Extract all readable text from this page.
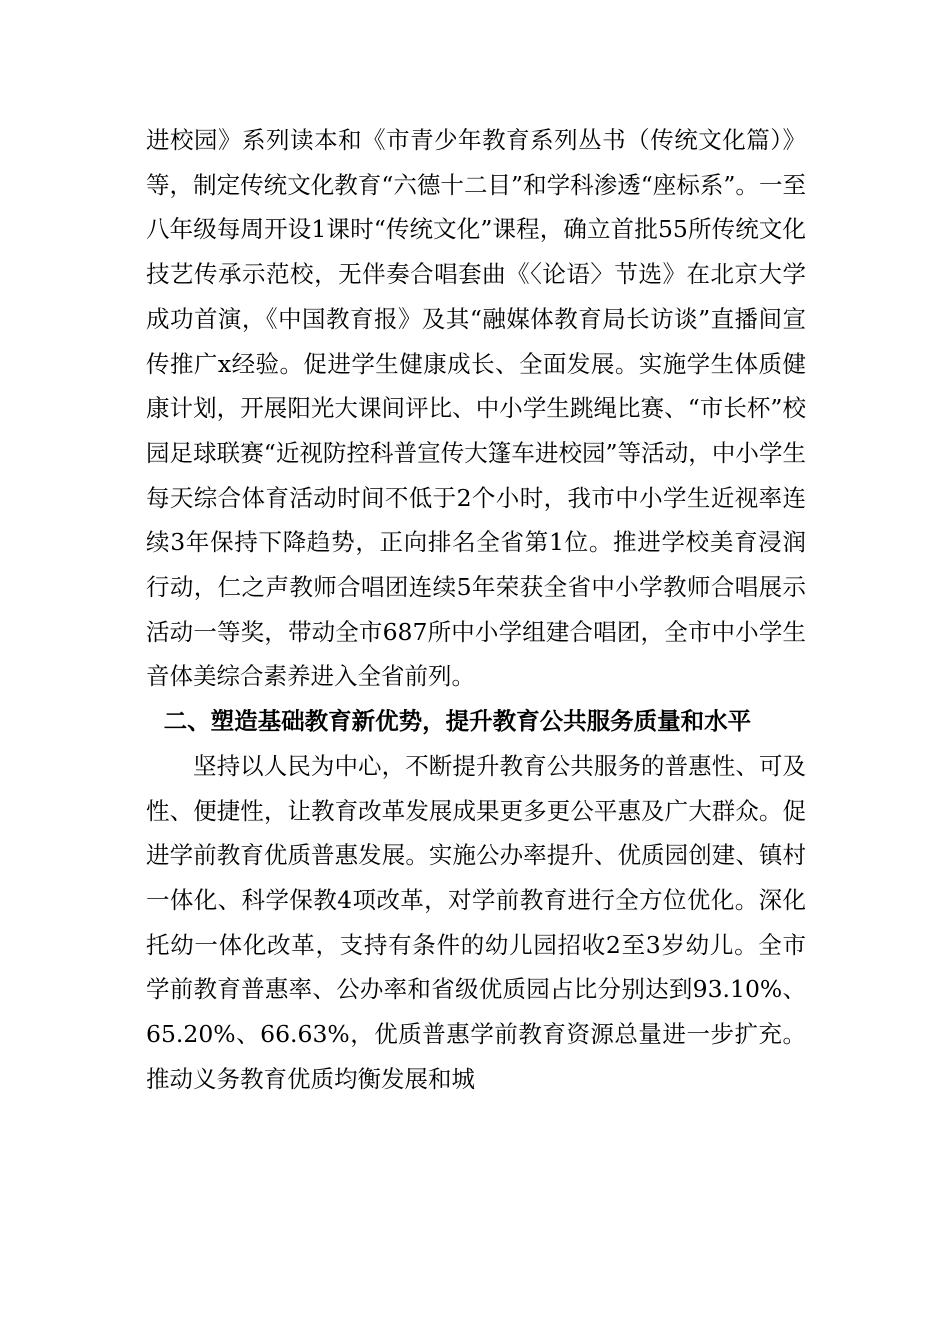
进校园》系列读本和《市青少年教育系列丛书（传统文化篇）》等，制定传统文化教育“六德十二目”和学科渗透“座标系”。一至八年级每周开设1课时“传统文化”课程，确立首批55所传统文化技艺传承示范校，无伴奏合唱套曲《〈论语〉节选》在北京大学成功首演，《中国教育报》及其“融媒体教育局长访谈”直播间宣传推广x经验。促进学生健康成长、全面发展。实施学生体质健康计划，开展阳光大课间评比、中小学生跳绳比赛、“市长杯”校园足球联赛“近视防控科普宣传大篷车进校园”等活动，中小学生每天综合体育活动时间不低于2个小时，我市中小学生近视率连续3年保持下降趋势，正向排名全省第1位。推进学校美育浸润行动，仁之声教师合唱团连续5年荣获全省中小学教师合唱展示活动一等奖，带动全市687所中小学组建合唱团，全市中小学生音体美综合素养进入全省前列。

二、塑造基础教育新优势，提升教育公共服务质量和水平

坚持以人民为中心，不断提升教育公共服务的普惠性、可及性、便捷性，让教育改革发展成果更多更公平惠及广大群众。促进学前教育优质普惠发展。实施公办率提升、优质园创建、镇村一体化、科学保教4项改革，对学前教育进行全方位优化。深化托幼一体化改革，支持有条件的幼儿园招收2至3岁幼儿。全市学前教育普惠率、公办率和省级优质园占比分别达到93.10%、65.20%、66.63%，优质普惠学前教育资源总量进一步扩充。推动义务教育优质均衡发展和城
